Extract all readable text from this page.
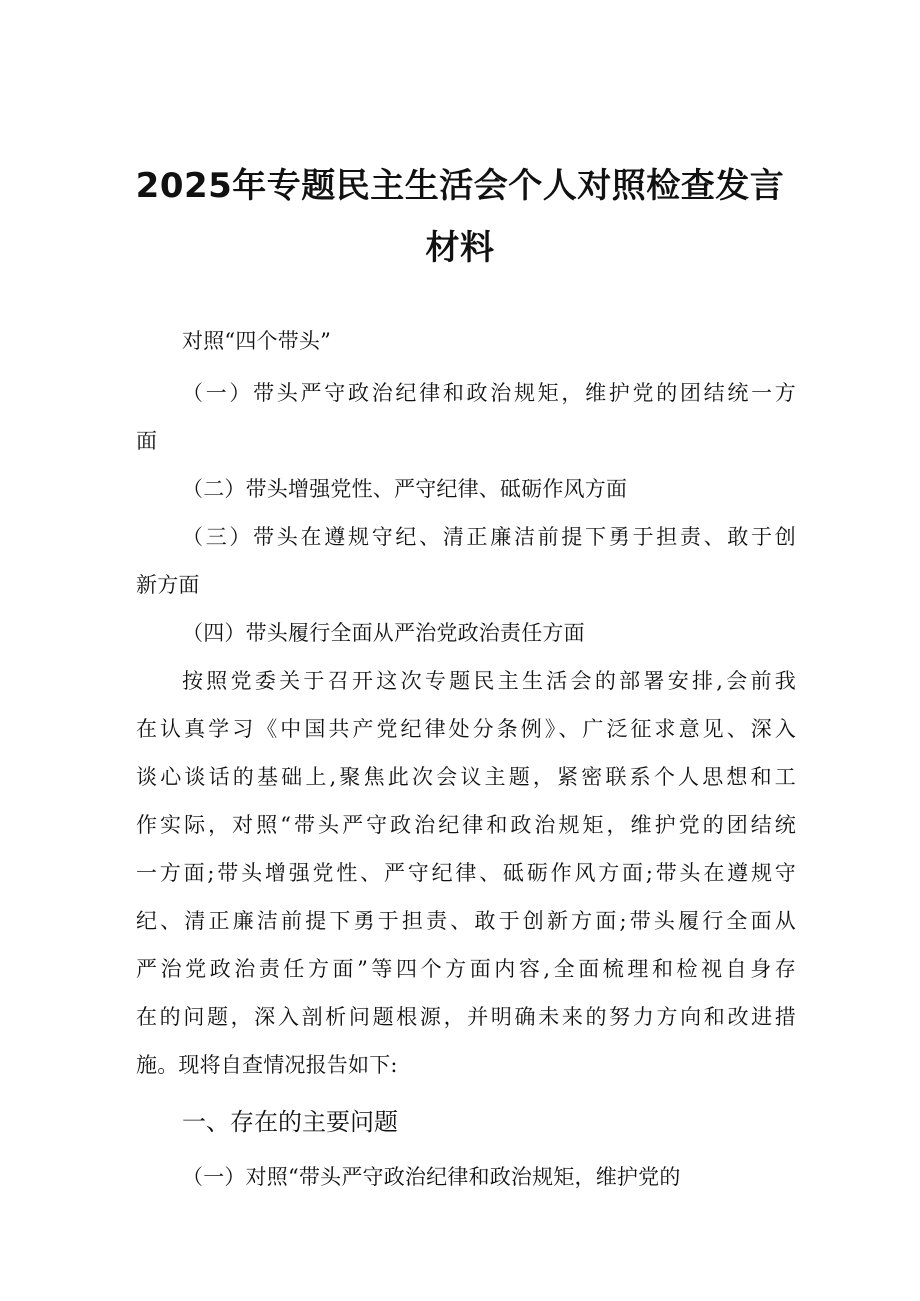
2025年专题民主生活会个人对照检查发言
材料
对照“四个带头”
（一）带头严守政治纪律和政治规矩，维护党的团结统一方
面
（二）带头增强党性、严守纪律、砥砺作风方面
（三）带头在遵规守纪、清正廉洁前提下勇于担责、敢于创
新方面
（四）带头履行全面从严治党政治责任方面
按照党委关于召开这次专题民主生活会的部署安排,会前我
在认真学习《中国共产党纪律处分条例》、广泛征求意见、深入
谈心谈话的基础上,聚焦此次会议主题，紧密联系个人思想和工
作实际，对照“带头严守政治纪律和政治规矩，维护党的团结统
一方面;带头增强党性、严守纪律、砥砺作风方面;带头在遵规守
纪、清正廉洁前提下勇于担责、敢于创新方面;带头履行全面从
严治党政治责任方面”等四个方面内容,全面梳理和检视自身存
在的问题，深入剖析问题根源，并明确未来的努力方向和改进措
施。现将自查情况报告如下:
一、存在的主要问题
（一）对照“带头严守政治纪律和政治规矩，维护党的
